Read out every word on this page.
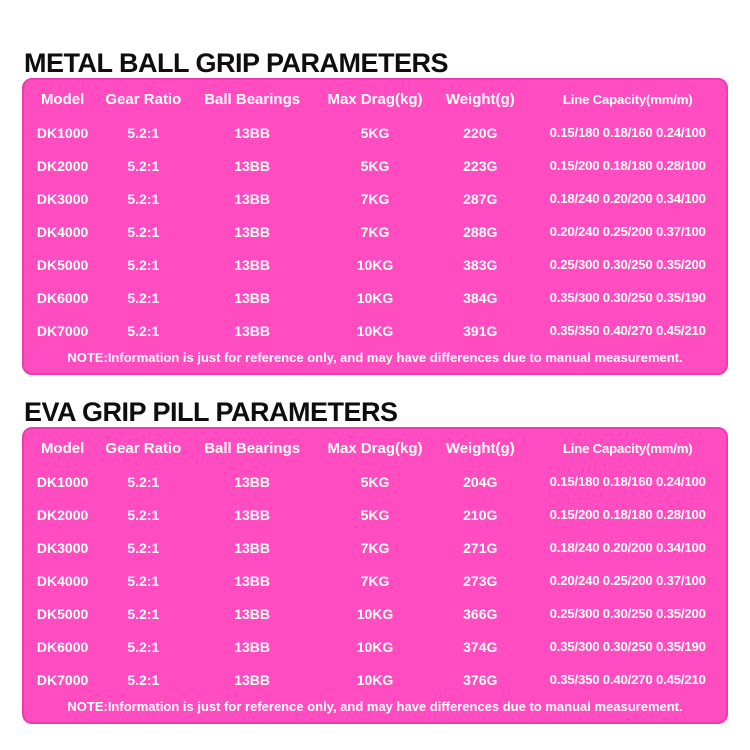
METAL BALL GRIP PARAMETERS
Model	Gear Ratio	Ball Bearings	Max Drag(kg)	Weight(g)	Line Capacity(mm/m)
DK1000	5.2:1	13BB	5KG	220G	0.15/180 0.18/160 0.24/100
DK2000	5.2:1	13BB	5KG	223G	0.15/200 0.18/180 0.28/100
DK3000	5.2:1	13BB	7KG	287G	0.18/240 0.20/200 0.34/100
DK4000	5.2:1	13BB	7KG	288G	0.20/240 0.25/200 0.37/100
DK5000	5.2:1	13BB	10KG	383G	0.25/300 0.30/250 0.35/200
DK6000	5.2:1	13BB	10KG	384G	0.35/300 0.30/250 0.35/190
DK7000	5.2:1	13BB	10KG	391G	0.35/350 0.40/270 0.45/210
NOTE:Information is just for reference only, and may have differences due to manual measurement.
EVA GRIP PILL PARAMETERS
Model	Gear Ratio	Ball Bearings	Max Drag(kg)	Weight(g)	Line Capacity(mm/m)
DK1000	5.2:1	13BB	5KG	204G	0.15/180 0.18/160 0.24/100
DK2000	5.2:1	13BB	5KG	210G	0.15/200 0.18/180 0.28/100
DK3000	5.2:1	13BB	7KG	271G	0.18/240 0.20/200 0.34/100
DK4000	5.2:1	13BB	7KG	273G	0.20/240 0.25/200 0.37/100
DK5000	5.2:1	13BB	10KG	366G	0.25/300 0.30/250 0.35/200
DK6000	5.2:1	13BB	10KG	374G	0.35/300 0.30/250 0.35/190
DK7000	5.2:1	13BB	10KG	376G	0.35/350 0.40/270 0.45/210
NOTE:Information is just for reference only, and may have differences due to manual measurement.
